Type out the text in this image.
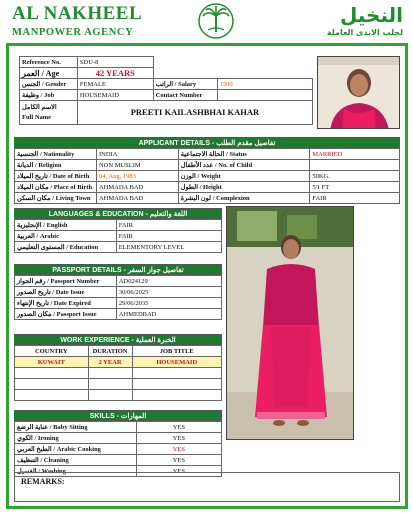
AL NAKHEEL
MANPOWER AGENCY
النخيل
لجلب الايدى العاملة
Reference No.	SDU-8		
العمر / Age	42 YEARS		
الجنس / Gender	FEMALE	الراتب / Salary	1500
وظيفة / Job	HOUSEMAID	Contact Number	

الاسم الكامل
Full Name	PREETI KAILASHBHAI KAHAR		
APPLICANT DETAILS - تفاصيل مقدم الطلب
الجنسية / Nationality	INDIA	الحالة الاجتماعية / Status	MARRIED
الديانة / Religion	NON MUSLIM	عدد الأطفال / No. of Child	
تاريخ الميلاد / Date of Birth	04, Aug, 1983	الوزن / Weight	50KG.
مكان الميلاد / Place of Birth	AHMADA BAD	الطول / Height	5'1 FT
مكان السكن / Living Town	AHMADA BAD	لون البشرة / Complexion	FAIR
LANGUAGES & EDUCATION - اللغة والتعليم
الإنجليزية / English	FAIR
العربية / Arabic	FAIR
المستوى التعليمي / Education	ELEMENTORY LEVEL
PASSPORT DETAILS - تفاصيل جواز السفر
رقم الجواز / Passport Number	AD024129
تاريخ الصدور / Date Issue	30/06/2025
تاريخ الإنتهاء / Date Expired	29/06/2035
مكان الصدور / Passport Issue	AHMEDBAD
WORK EXPERIENCE - الخبرة العملية
COUNTRY	DURATION	JOB TITLE
KUWAIT	2 YEAR	HOUSEMAID

SKILLS - المهارات
عناية الرضع / Baby Sitting	YES
الكوي / Ironing	YES
الطبخ العربي / Arabic Cooking	YES
التنظيف / Cleaning	YES
الغسيل / Washing	YES
REMARKS:
